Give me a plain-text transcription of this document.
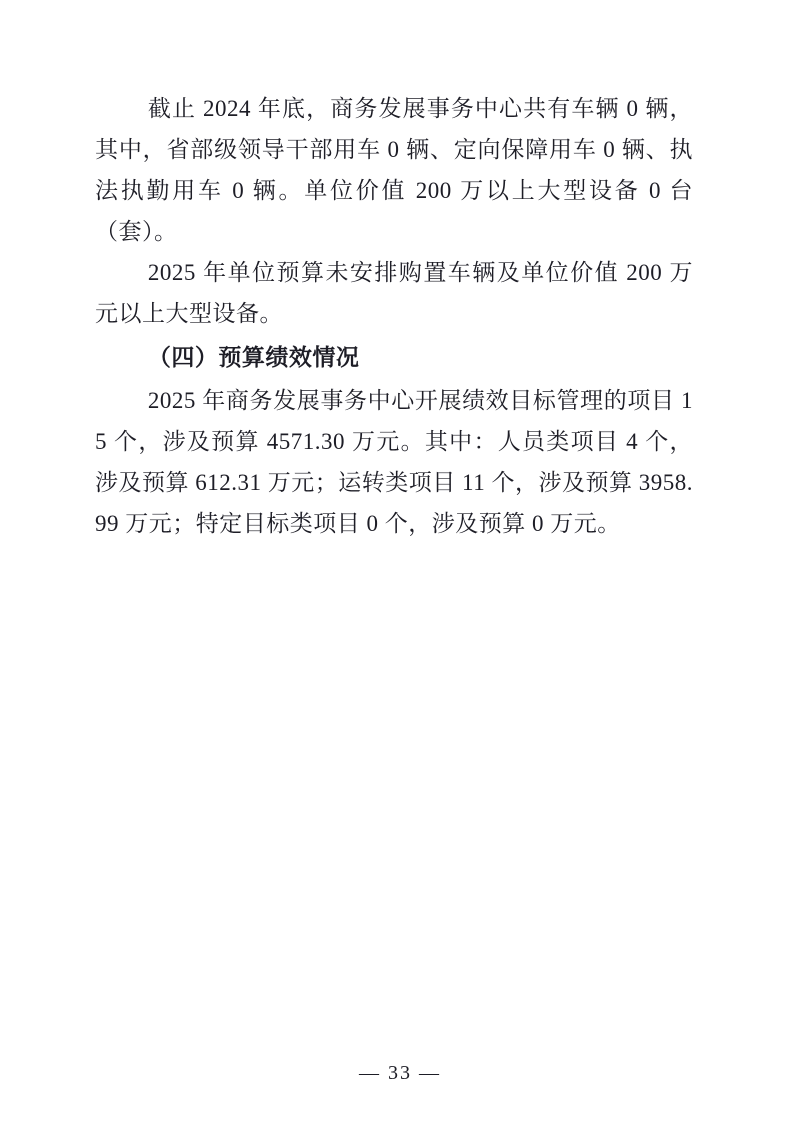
截止 2024 年底，商务发展事务中心共有车辆 0 辆，其中，省部级领导干部用车 0 辆、定向保障用车 0 辆、执法执勤用车 0 辆。单位价值 200 万以上大型设备 0 台（套）。

2025 年单位预算未安排购置车辆及单位价值 200 万元以上大型设备。

（四）预算绩效情况

2025 年商务发展事务中心开展绩效目标管理的项目 15 个，涉及预算 4571.30 万元。其中：人员类项目 4 个，涉及预算 612.31 万元；运转类项目 11 个，涉及预算 3958.99 万元；特定目标类项目 0 个，涉及预算 0 万元。

— 33 —
